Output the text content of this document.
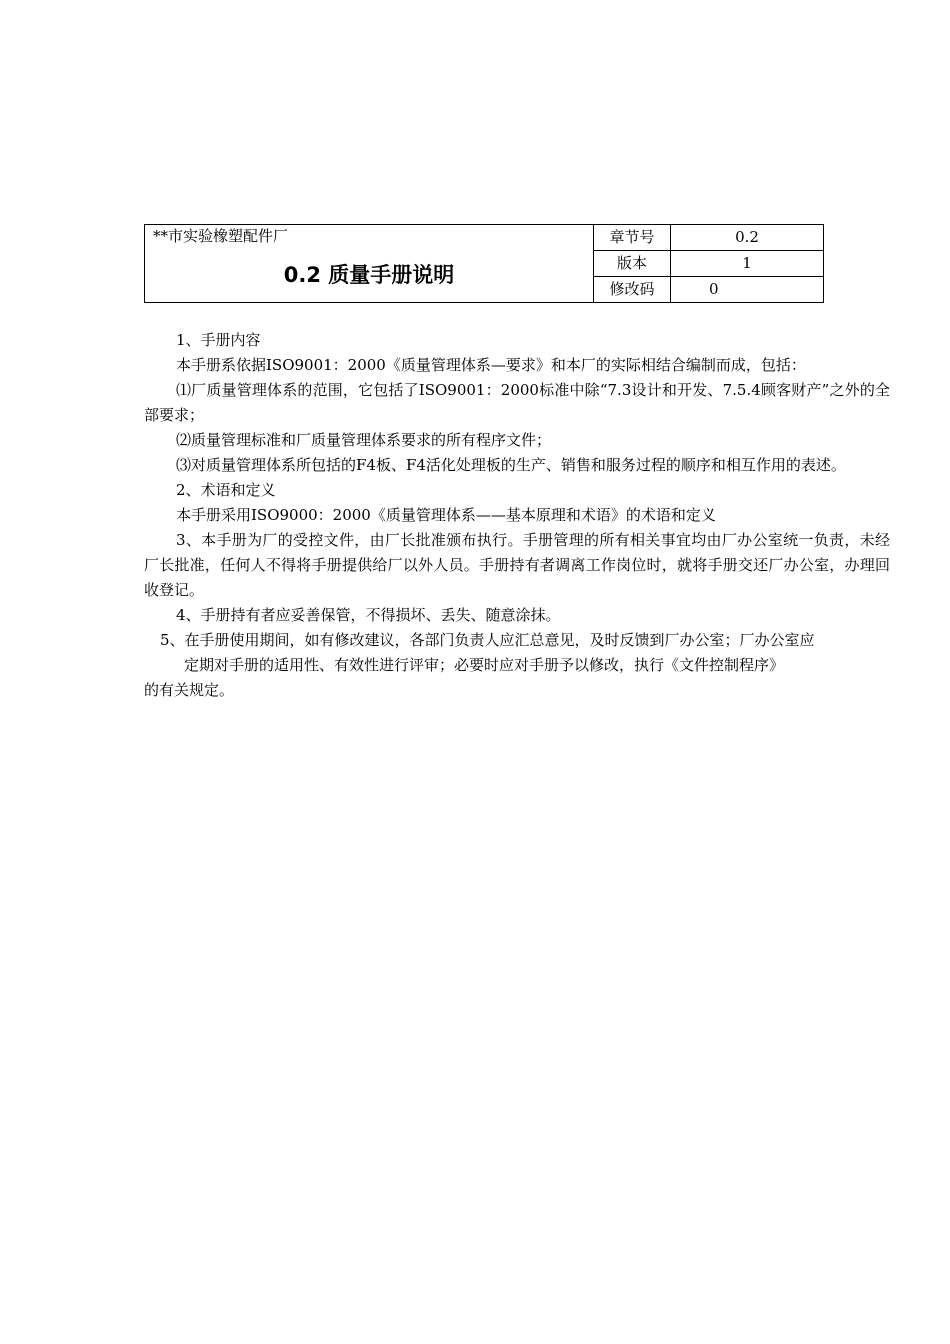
**市实验橡塑配件厂
0.2 质量手册说明	章节号	0.2
	版本	1
	修改码	0

1、手册内容

本手册系依据ISO9001：2000《质量管理体系—要求》和本厂的实际相结合编制而成，包括：

⑴厂质量管理体系的范围，它包括了ISO9001：2000标准中除“7.3设计和开发、7.5.4顾客财产”之外的全部要求；

⑵质量管理标准和厂质量管理体系要求的所有程序文件；

⑶对质量管理体系所包括的F4板、F4活化处理板的生产、销售和服务过程的顺序和相互作用的表述。

2、术语和定义

本手册采用ISO9000：2000《质量管理体系——基本原理和术语》的术语和定义

3、本手册为厂的受控文件，由厂长批准颁布执行。手册管理的所有相关事宜均由厂办公室统一负责，未经厂长批准，任何人不得将手册提供给厂以外人员。手册持有者调离工作岗位时，就将手册交还厂办公室，办理回收登记。

4、手册持有者应妥善保管，不得损坏、丢失、随意涂抹。

5、在手册使用期间，如有修改建议，各部门负责人应汇总意见，及时反馈到厂办公室；厂办公室应

定期对手册的适用性、有效性进行评审；必要时应对手册予以修改，执行《文件控制程序》

的有关规定。
